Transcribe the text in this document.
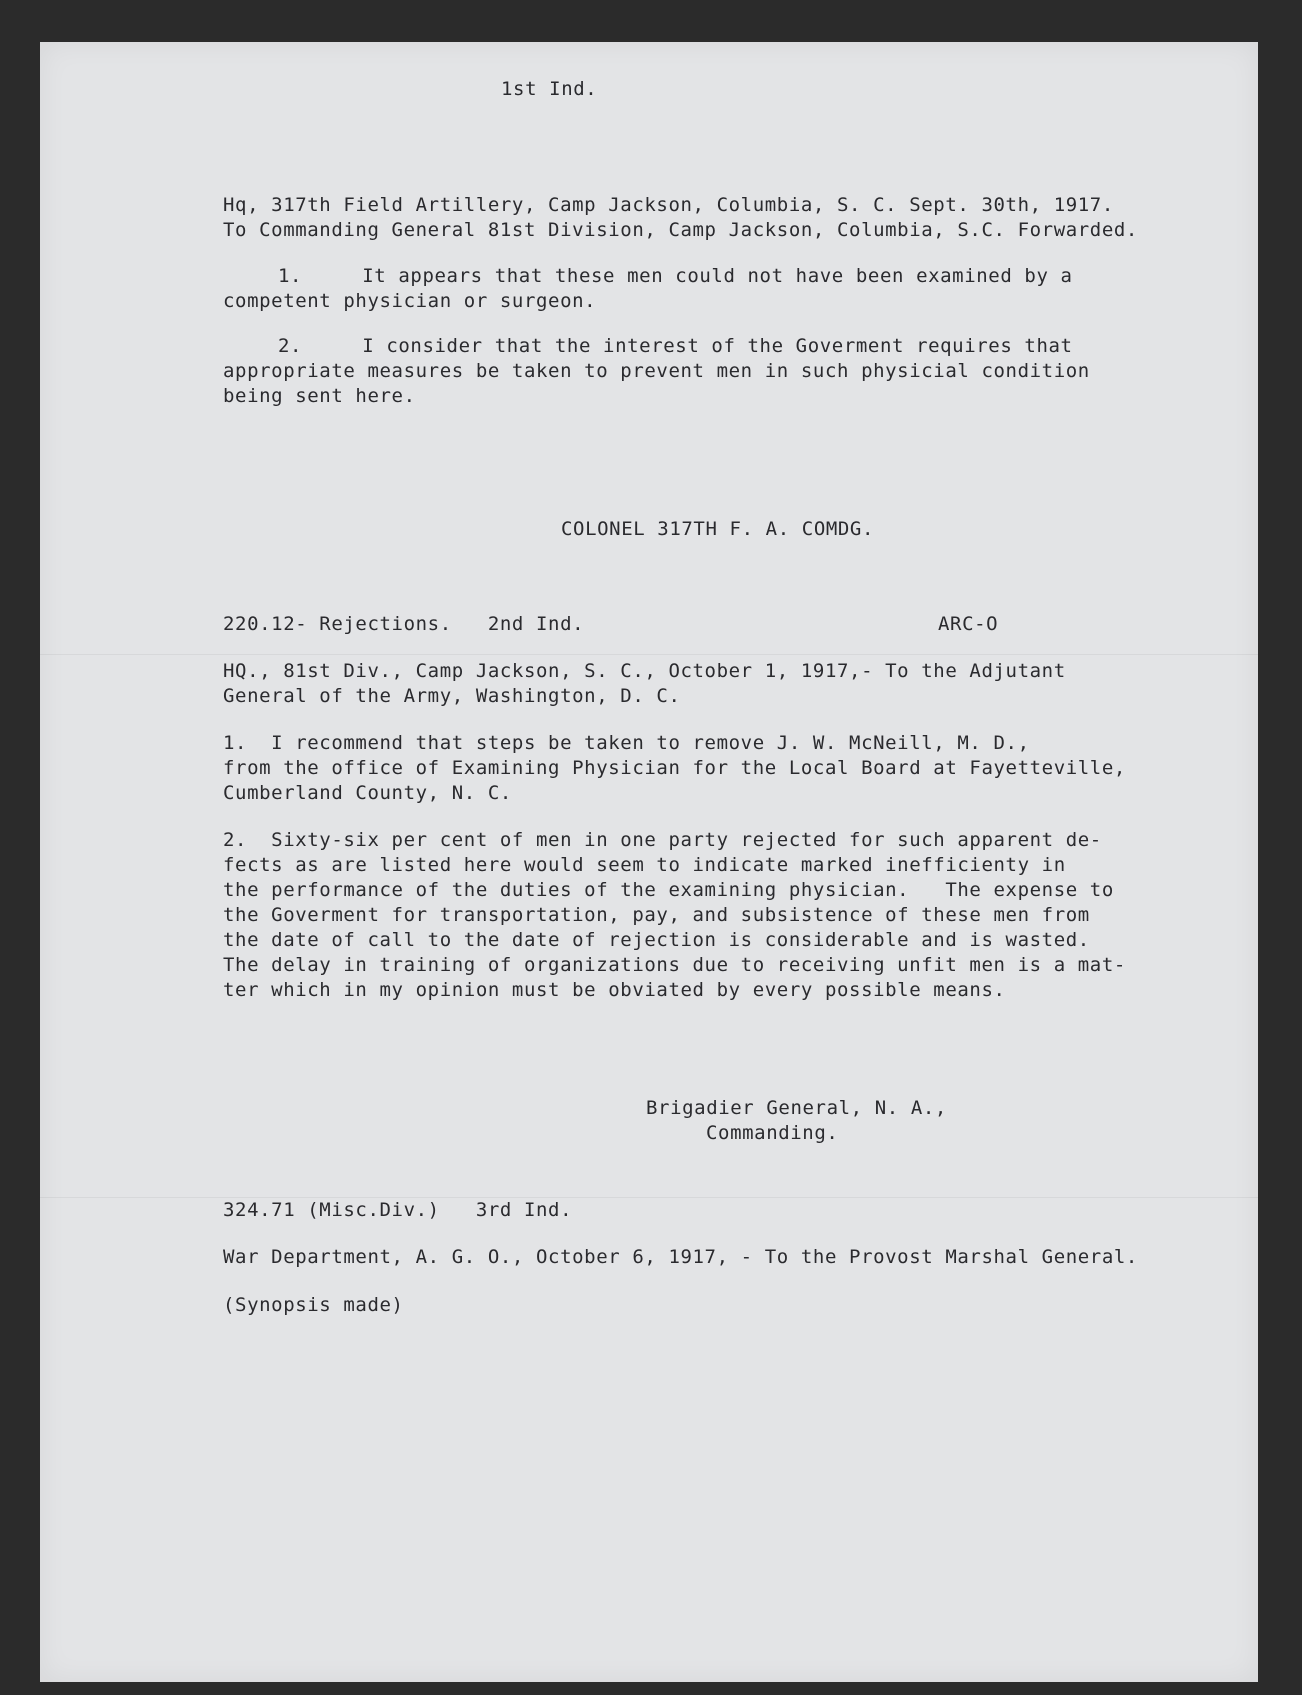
1st Ind.
Hq, 317th Field Artillery, Camp Jackson, Columbia, S. C. Sept. 30th, 1917.
To Commanding General 81st Division, Camp Jackson, Columbia, S.C. Forwarded.
1.     It appears that these men could not have been examined by a
competent physician or surgeon.
2.     I consider that the interest of the Goverment requires that
appropriate measures be taken to prevent men in such physicial condition
being sent here.
COLONEL 317TH F. A. COMDG.
220.12- Rejections.   2nd Ind.	ARC-O
HQ., 81st Div., Camp Jackson, S. C., October 1, 1917,- To the Adjutant
General of the Army, Washington, D. C.
1.  I recommend that steps be taken to remove J. W. McNeill, M. D.,
from the office of Examining Physician for the Local Board at Fayetteville,
Cumberland County, N. C.
2.  Sixty-six per cent of men in one party rejected for such apparent de-
fects as are listed here would seem to indicate marked inefficienty in
the performance of the duties of the examining physician.   The expense to
the Goverment for transportation, pay, and subsistence of these men from
the date of call to the date of rejection is considerable and is wasted.
The delay in training of organizations due to receiving unfit men is a mat-
ter which in my opinion must be obviated by every possible means.
Brigadier General, N. A.,
Commanding.
324.71 (Misc.Div.)   3rd Ind.
War Department, A. G. O., October 6, 1917, - To the Provost Marshal General.
(Synopsis made)
